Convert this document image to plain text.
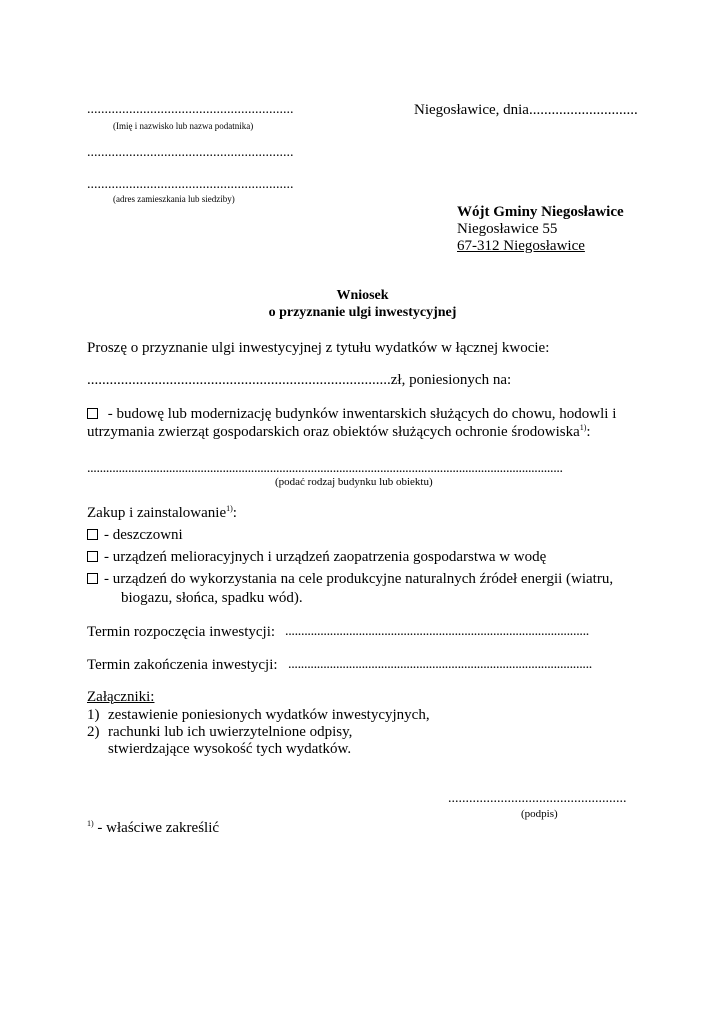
...........................................................
(Imię i nazwisko lub nazwa podatnika)
Niegosławice, dnia.............................
...........................................................
...........................................................
(adres zamieszkania lub siedziby)
Wójt Gminy Niegosławice
Niegosławice 55
67-312 Niegosławice
Wniosek
o przyznanie ulgi inwestycyjnej
Proszę o przyznanie ulgi inwestycyjnej z tytułu wydatków w łącznej kwocie:
.................................................................................zł, poniesionych na:
- budowę lub modernizację budynków inwentarskich służących do chowu, hodowli i
utrzymania zwierząt gospodarskich oraz obiektów służących ochronie środowiska$^{1)}$:
.......................................................................................................................................................
(podać rodzaj budynku lub obiektu)
Zakup i zainstalowanie$^{1)}$:
- deszczowni
- urządzeń melioracyjnych i urządzeń zaopatrzenia gospodarstwa w wodę
- urządzeń do wykorzystania na cele produkcyjne naturalnych źródeł energii (wiatru,
biogazu, słońca, spadku wód).
Termin rozpoczęcia inwestycji: ...............................................................................................
Termin zakończenia inwestycji: ...............................................................................................
Załączniki:
1) zestawienie poniesionych wydatków inwestycyjnych,
2) rachunki lub ich uwierzytelnione odpisy,
stwierdzające wysokość tych wydatków.
...................................................
(podpis)
$^{1)}$ - właściwe zakreślić
